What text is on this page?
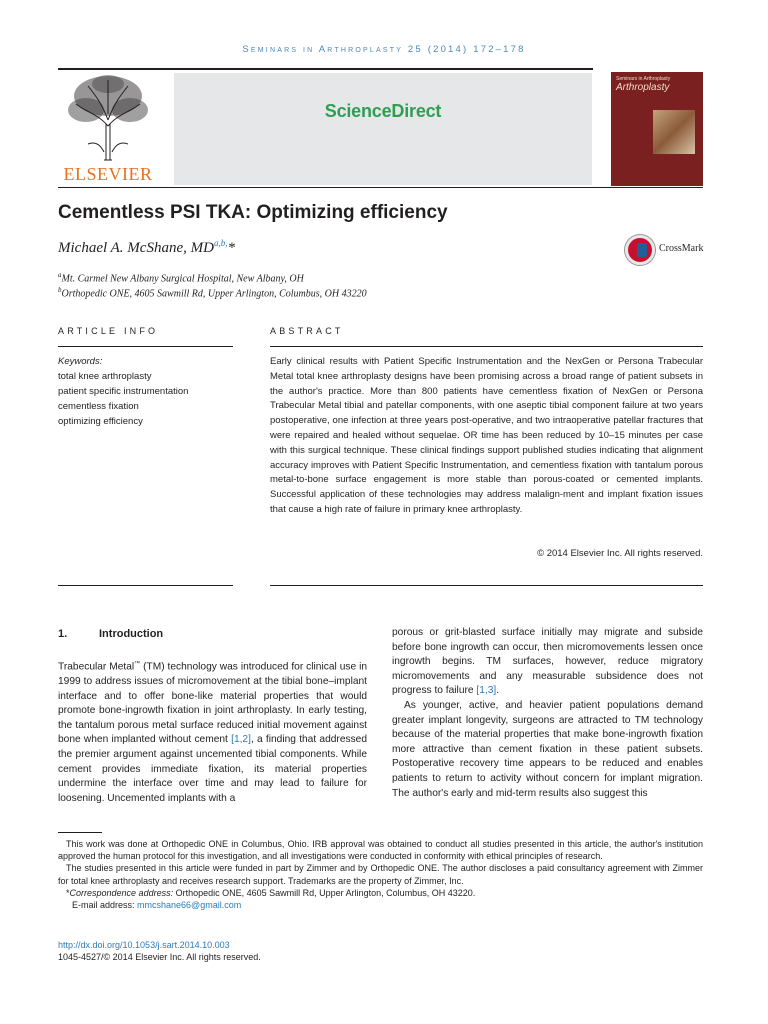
Seminars in Arthroplasty 25 (2014) 172–178
ELSEVIER
ScienceDirect
Seminars in Arthroplasty
Arthroplasty
Cementless PSI TKA: Optimizing efficiency
Michael A. McShane, $MD^{a,b,}*$	CrossMark
$^a$Mt. Carmel New Albany Surgical Hospital, New Albany, OH
$^b$Orthopedic ONE, 4605 Sawmill Rd, Upper Arlington, Columbus, OH 43220
ARTICLE INFO	ABSTRACT
Keywords:
total knee arthroplasty
patient specific instrumentation
cementless fixation
optimizing efficiency
Early clinical results with Patient Specific Instrumentation and the NexGen or Persona Trabecular Metal total knee arthroplasty designs have been promising across a broad range of patient subsets in the author's practice. More than 800 patients have cementless fixation of NexGen or Persona Trabecular Metal tibial and patellar components, with one aseptic tibial component failure at two years postoperative, one infection at three years post-operative, and two intraoperative patellar fractures that were repaired and healed without sequelae. OR time has been reduced by 10–15 minutes per case with this surgical technique. These clinical findings support published studies indicating that alignment accuracy improves with Patient Specific Instrumentation, and cementless fixation with tantalum porous metal-to-bone surface engagement is more stable than porous-coated or cemented implants. Successful application of these technologies may address malalign-ment and implant fixation issues that cause a high rate of failure in primary knee arthroplasty.
© 2014 Elsevier Inc. All rights reserved.
1.	Introduction

Trabecular Metal™ (TM) technology was introduced for clinical use in 1999 to address issues of micromovement at the tibial bone–implant interface and to offer bone-like material properties that would promote bone-ingrowth fixation in joint arthroplasty. In early testing, the tantalum porous metal surface reduced initial movement against bone when implanted without cement [1,2], a finding that addressed the premier argument against uncemented tibial components. While cement provides immediate fixation, its material properties undermine the interface over time and may lead to failure for loosening. Uncemented implants with a

porous or grit-blasted surface initially may migrate and subside before bone ingrowth can occur, then micromovements lessen once ingrowth begins. TM surfaces, however, reduce migratory micromovements and any measurable subsidence does not progress to failure [1,3].

As younger, active, and heavier patient populations demand greater implant longevity, surgeons are attracted to TM technology because of the material properties that make bone-ingrowth fixation more attractive than cement fixation in these patient subsets. Postoperative recovery time appears to be reduced and enables patients to return to activity without concern for implant migration. The author's early and mid-term results also suggest this

This work was done at Orthopedic ONE in Columbus, Ohio. IRB approval was obtained to conduct all studies presented in this article, the author's institution approved the human protocol for this investigation, and all investigations were conducted in conformity with ethical principles of research.

The studies presented in this article were funded in part by Zimmer and by Orthopedic ONE. The author discloses a paid consultancy agreement with Zimmer for total knee arthroplasty and receives research support. Trademarks are the property of Zimmer, Inc.

*Correspondence address: Orthopedic ONE, 4605 Sawmill Rd, Upper Arlington, Columbus, OH 43220.

E-mail address: mmcshane66@gmail.com

http://dx.doi.org/10.1053/j.sart.2014.10.003
1045-4527/© 2014 Elsevier Inc. All rights reserved.
